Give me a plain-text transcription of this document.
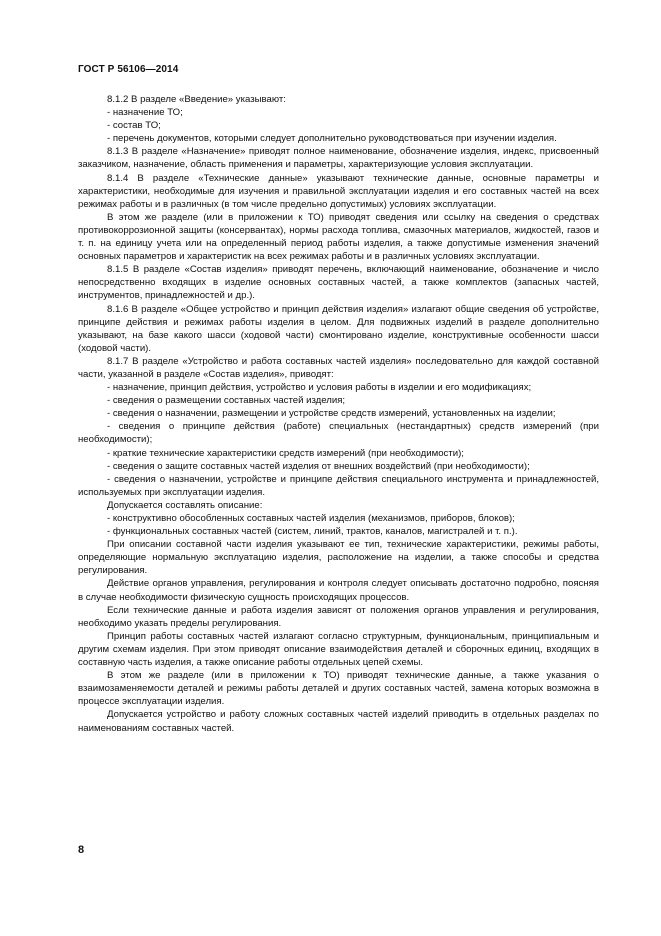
ГОСТ Р 56106—2014

8.1.2 В разделе «Введение» указывают:

- назначение ТО;

- состав ТО;

- перечень документов, которыми следует дополнительно руководствоваться при изучении изделия.

8.1.3 В разделе «Назначение» приводят полное наименование, обозначение изделия, индекс, присвоенный заказчиком, назначение, область применения и параметры, характеризующие условия эксплуатации.

8.1.4 В разделе «Технические данные» указывают технические данные, основные параметры и характеристики, необходимые для изучения и правильной эксплуатации изделия и его составных частей на всех режимах работы и в различных (в том числе предельно допустимых) условиях эксплуатации.

В этом же разделе (или в приложении к ТО) приводят сведения или ссылку на сведения о средствах противокоррозионной защиты (консервантах), нормы расхода топлива, смазочных материалов, жидкостей, газов и т. п. на единицу учета или на определенный период работы изделия, а также допустимые изменения значений основных параметров и характеристик на всех режимах работы и в различных условиях эксплуатации.

8.1.5 В разделе «Состав изделия» приводят перечень, включающий наименование, обозначение и число непосредственно входящих в изделие основных составных частей, а также комплектов (запасных частей, инструментов, принадлежностей и др.).

8.1.6 В разделе «Общее устройство и принцип действия изделия» излагают общие сведения об устройстве, принципе действия и режимах работы изделия в целом. Для подвижных изделий в разделе дополнительно указывают, на базе какого шасси (ходовой части) смонтировано изделие, конструктивные особенности шасси (ходовой части).

8.1.7 В разделе «Устройство и работа составных частей изделия» последовательно для каждой составной части, указанной в разделе «Состав изделия», приводят:

- назначение, принцип действия, устройство и условия работы в изделии и его модификациях;

- сведения о размещении составных частей изделия;

- сведения о назначении, размещении и устройстве средств измерений, установленных на изделии;

- сведения о принципе действия (работе) специальных (нестандартных) средств измерений (при необходимости);

- краткие технические характеристики средств измерений (при необходимости);

- сведения о защите составных частей изделия от внешних воздействий (при необходимости);

- сведения о назначении, устройстве и принципе действия специального инструмента и принадлежностей, используемых при эксплуатации изделия.

Допускается составлять описание:

- конструктивно обособленных составных частей изделия (механизмов, приборов, блоков);

- функциональных составных частей (систем, линий, трактов, каналов, магистралей и т. п.).

При описании составной части изделия указывают ее тип, технические характеристики, режимы работы, определяющие нормальную эксплуатацию изделия, расположение на изделии, а также способы и средства регулирования.

Действие органов управления, регулирования и контроля следует описывать достаточно подробно, поясняя в случае необходимости физическую сущность происходящих процессов.

Если технические данные и работа изделия зависят от положения органов управления и регулирования, необходимо указать пределы регулирования.

Принцип работы составных частей излагают согласно структурным, функциональным, принципиальным и другим схемам изделия. При этом приводят описание взаимодействия деталей и сборочных единиц, входящих в составную часть изделия, а также описание работы отдельных цепей схемы.

В этом же разделе (или в приложении к ТО) приводят технические данные, а также указания о взаимозаменяемости деталей и режимы работы деталей и других составных частей, замена которых возможна в процессе эксплуатации изделия.

Допускается устройство и работу сложных составных частей изделий приводить в отдельных разделах по наименованиям составных частей.

8
